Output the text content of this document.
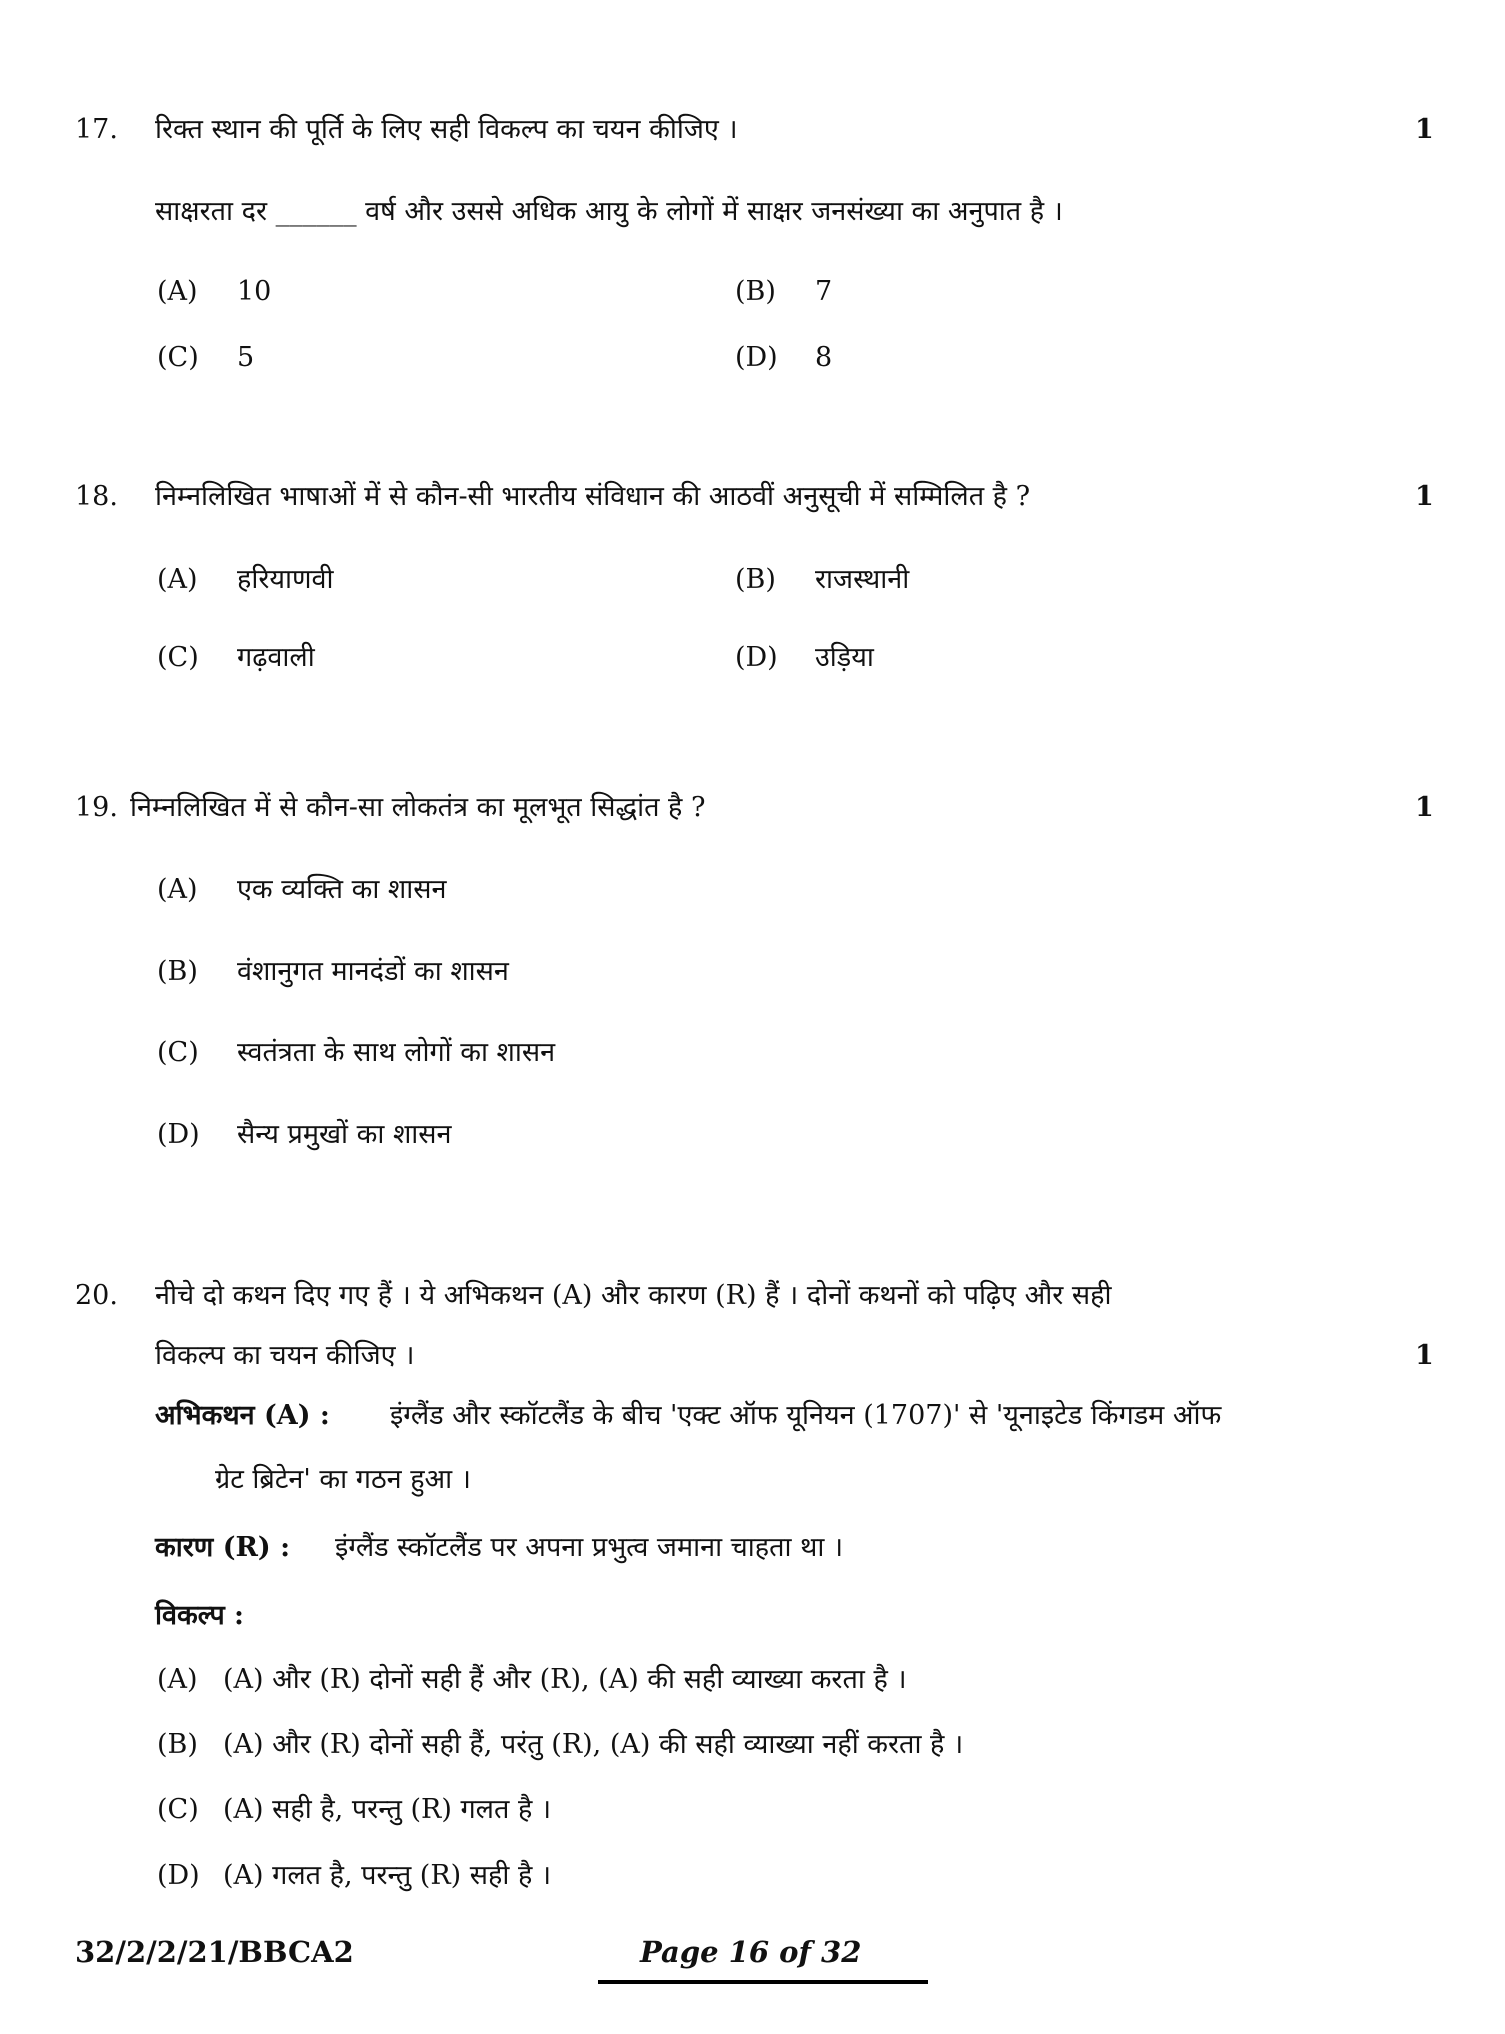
17. रिक्त स्थान की पूर्ति के लिए सही विकल्प का चयन कीजिए ।	1
साक्षरता दर ______ वर्ष और उससे अधिक आयु के लोगों में साक्षर जनसंख्या का अनुपात है ।
(A) 10	(B) 7
(C) 5	(D) 8
18. निम्नलिखित भाषाओं में से कौन-सी भारतीय संविधान की आठवीं अनुसूची में सम्मिलित है ?	1
(A) हरियाणवी	(B) राजस्थानी
(C) गढ़वाली	(D) उड़िया
19. निम्नलिखित में से कौन-सा लोकतंत्र का मूलभूत सिद्धांत है ?	1
(A) एक व्यक्ति का शासन
(B) वंशानुगत मानदंडों का शासन
(C) स्वतंत्रता के साथ लोगों का शासन
(D) सैन्य प्रमुखों का शासन
20. नीचे दो कथन दिए गए हैं । ये अभिकथन (A) और कारण (R) हैं । दोनों कथनों को पढ़िए और सही
विकल्प का चयन कीजिए ।	1
अभिकथन (A) : इंग्लैंड और स्कॉटलैंड के बीच 'एक्ट ऑफ यूनियन (1707)' से 'यूनाइटेड किंगडम ऑफ
ग्रेट ब्रिटेन' का गठन हुआ ।
कारण (R) : इंग्लैंड स्कॉटलैंड पर अपना प्रभुत्व जमाना चाहता था ।
विकल्प :
(A) (A) और (R) दोनों सही हैं और (R), (A) की सही व्याख्या करता है ।
(B) (A) और (R) दोनों सही हैं, परंतु (R), (A) की सही व्याख्या नहीं करता है ।
(C) (A) सही है, परन्तु (R) गलत है ।
(D) (A) गलत है, परन्तु (R) सही है ।
32/2/2/21/BBCA2	Page 16 of 32
